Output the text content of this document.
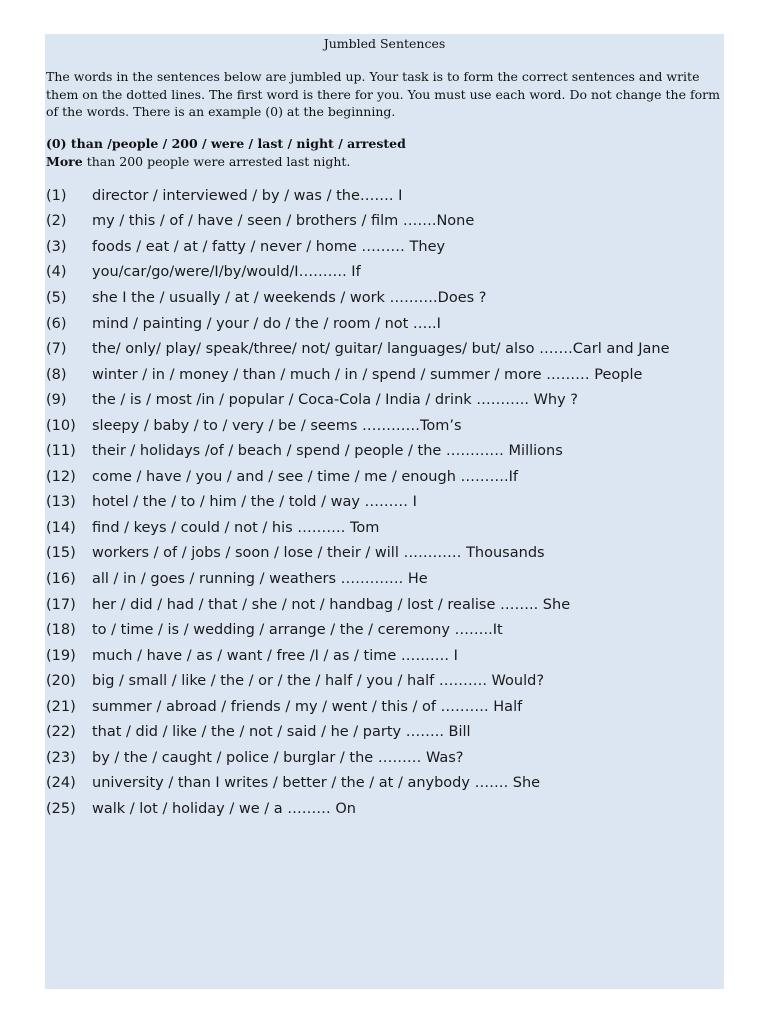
Jumbled Sentences

The words in the sentences below are jumbled up. Your task is to form the correct sentences and write them on the dotted lines. The first word is there for you. You must use each word. Do not change the form of the words. There is an example (0) at the beginning.

(0) than /people / 200 / were / last / night / arrested
More than 200 people were arrested last night.
(1)	director / interviewed / by / was / the……. I
(2)	my / this / of / have / seen / brothers / film …….None
(3)	foods / eat / at / fatty / never / home ……… They
(4)	you/car/go/were/I/by/would/I………. If
(5)	she I the / usually / at / weekends / work ……….Does ?
(6)	mind / painting / your / do / the / room / not …..I
(7)	the/ only/ play/ speak/three/ not/ guitar/ languages/ but/ also …….Carl and Jane
(8)	winter / in / money / than / much / in / spend / summer / more ……… People
(9)	the / is / most /in / popular / Coca-Cola / India / drink ……….. Why ?
(10)	sleepy / baby / to / very / be / seems …………Tom’s
(11)	their / holidays /of / beach / spend / people / the ………… Millions
(12)	come / have / you / and / see / time / me / enough ……….If
(13)	hotel / the / to / him / the / told / way ……… I
(14)	find / keys / could / not / his ………. Tom
(15)	workers / of / jobs / soon / lose / their / will ………… Thousands
(16)	all / in / goes / running / weathers …………. He
(17)	her / did / had / that / she / not / handbag / lost / realise …….. She
(18)	to / time / is / wedding / arrange / the / ceremony ……..It
(19)	much / have / as / want / free /I / as / time ………. I
(20)	big / small / like / the / or / the / half / you / half ………. Would?
(21)	summer / abroad / friends / my / went / this / of ………. Half
(22)	that / did / like / the / not / said / he / party …….. Bill
(23)	by / the / caught / police / burglar / the ……… Was?
(24)	university / than I writes / better / the / at / anybody ……. She
(25)	walk / lot / holiday / we / a ……… On
